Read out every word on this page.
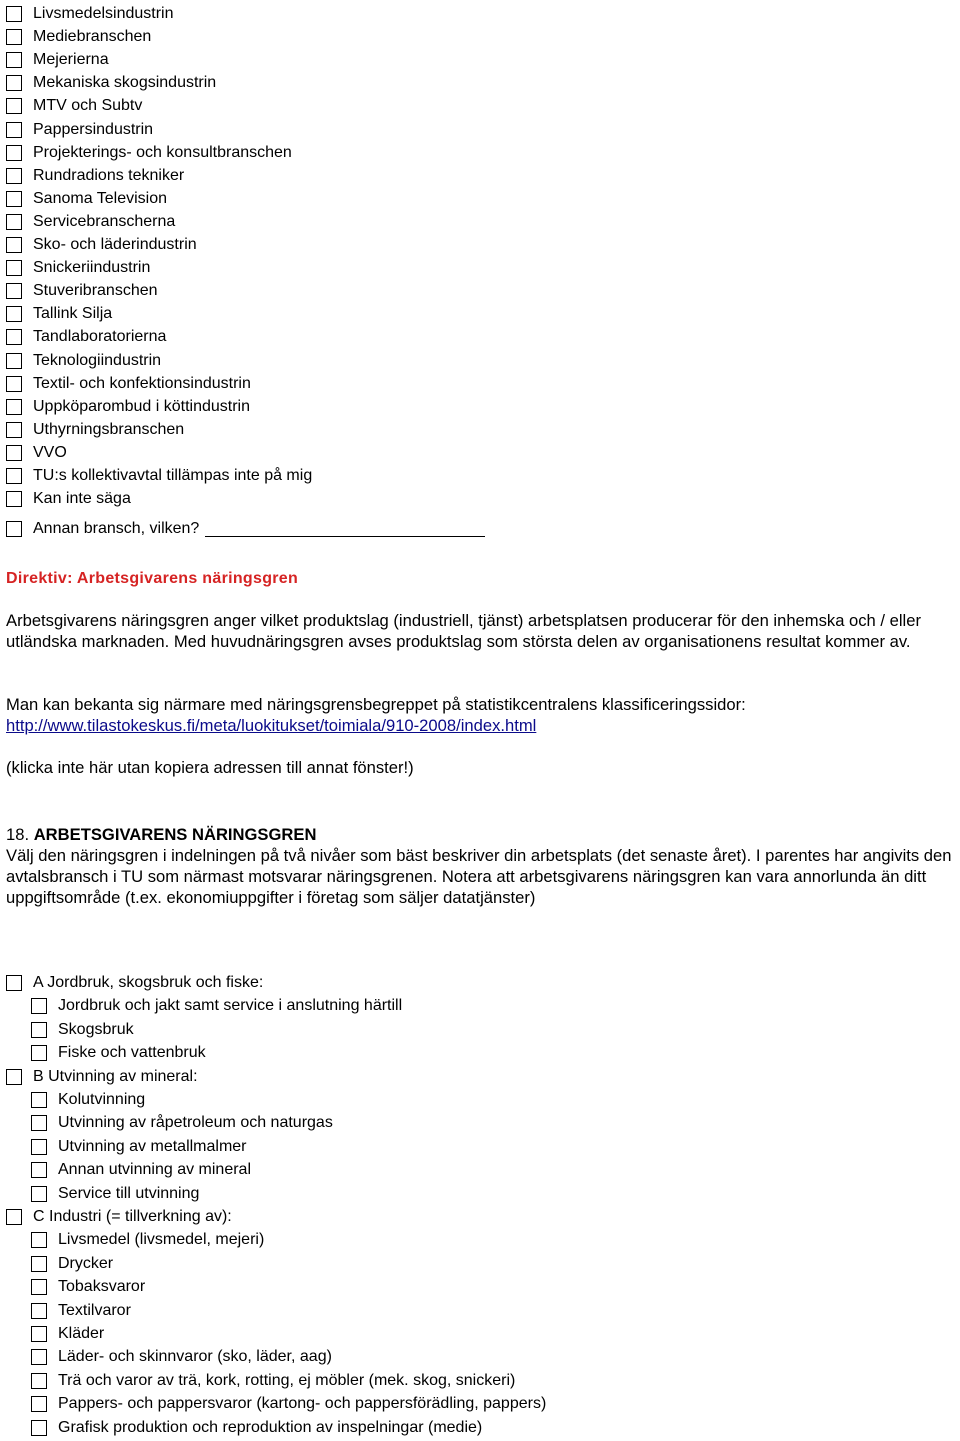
Livsmedelsindustrin
Mediebranschen
Mejerierna
Mekaniska skogsindustrin
MTV och Subtv
Pappersindustrin
Projekterings- och konsultbranschen
Rundradions tekniker
Sanoma Television
Servicebranscherna
Sko- och läderindustrin
Snickeriindustrin
Stuveribranschen
Tallink Silja
Tandlaboratorierna
Teknologiindustrin
Textil- och konfektionsindustrin
Uppköparombud i köttindustrin
Uthyrningsbranschen
VVO
TU:s kollektivavtal tillämpas inte på mig
Kan inte säga
Annan bransch, vilken?
Direktiv: Arbetsgivarens näringsgren
Arbetsgivarens näringsgren anger vilket produktslag (industriell, tjänst) arbetsplatsen producerar för den inhemska och / eller utländska marknaden. Med huvudnäringsgren avses produktslag som största delen av organisationens resultat kommer av.
Man kan bekanta sig närmare med näringsgrensbegreppet på statistikcentralens klassificeringssidor:
http://www.tilastokeskus.fi/meta/luokitukset/toimiala/910-2008/index.html
(klicka inte här utan kopiera adressen till annat fönster!)
18. ARBETSGIVARENS NÄRINGSGREN
Välj den näringsgren i indelningen på två nivåer som bäst beskriver din arbetsplats (det senaste året). I parentes har angivits den avtalsbransch i TU som närmast motsvarar näringsgrenen. Notera att arbetsgivarens näringsgren kan vara annorlunda än ditt uppgiftsområde (t.ex. ekonomiuppgifter i företag som säljer datatjänster)
A Jordbruk, skogsbruk och fiske:
Jordbruk och jakt samt service i anslutning härtill
Skogsbruk
Fiske och vattenbruk
B Utvinning av mineral:
Kolutvinning
Utvinning av råpetroleum och naturgas
Utvinning av metallmalmer
Annan utvinning av mineral
Service till utvinning
C Industri (= tillverkning av):
Livsmedel (livsmedel, mejeri)
Drycker
Tobaksvaror
Textilvaror
Kläder
Läder- och skinnvaror (sko, läder, aag)
Trä och varor av trä, kork, rotting, ej möbler (mek. skog, snickeri)
Pappers- och pappersvaror (kartong- och pappersförädling, pappers)
Grafisk produktion och reproduktion av inspelningar (medie)
